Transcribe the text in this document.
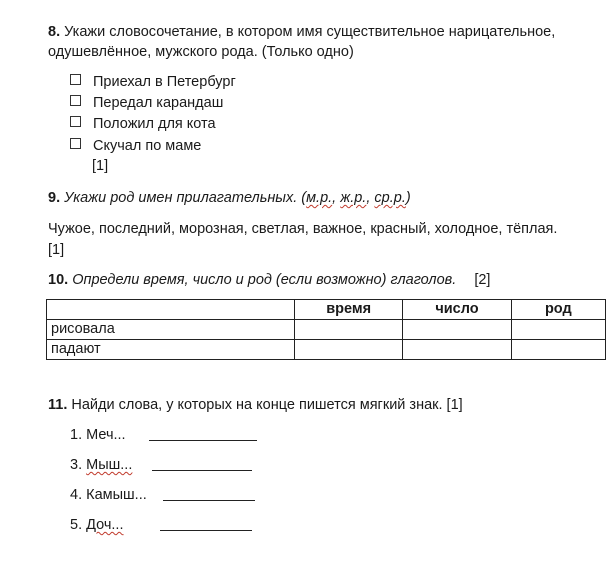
8. Укажи словосочетание, в котором имя существительное нарицательное,
одушевлённое, мужского рода. (Только одно)
Приехал в Петербург
Передал карандаш
Положил для кота
Скучал по маме
[1]
9. Укажи род имен прилагательных. (м.р., ж.р., ср.р.)
Чужое, последний, морозная, светлая, важное, красный, холодное, тёплая.
[1]
10. Определи время, число и род (если возможно) глаголов. [2]
	время	число	род
рисовала			
падают			
11. Найди слова, у которых на конце пишется мягкий знак. [1]
1. Меч...
3. Мыш...
4. Камыш...
5. Доч...
